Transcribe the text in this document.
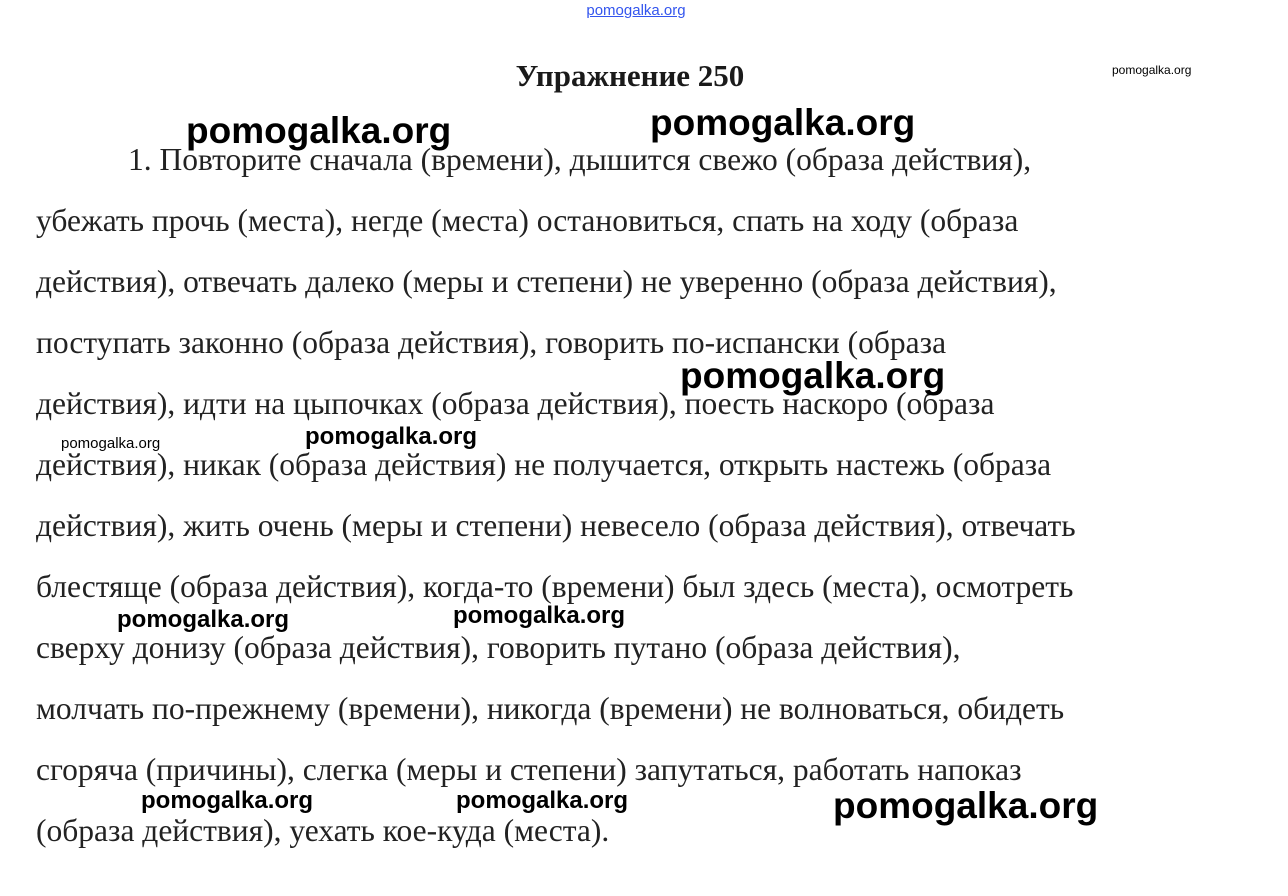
pomogalka.org
Упражнение 250
1. Повторите сначала (времени), дышится свежо (образа действия),
убежать прочь (места), негде (места) остановиться, спать на ходу (образа
действия), отвечать далеко (меры и степени) не уверенно (образа действия),
поступать законно (образа действия), говорить по-испански (образа
действия), идти на цыпочках (образа действия), поесть наскоро (образа
действия), никак (образа действия) не получается, открыть настежь (образа
действия), жить очень (меры и степени) невесело (образа действия), отвечать
блестяще (образа действия), когда-то (времени) был здесь (места), осмотреть
сверху донизу (образа действия), говорить путано (образа действия),
молчать по-прежнему (времени), никогда (времени) не волноваться, обидеть
сгоряча (причины), слегка (меры и степени) запутаться, работать напоказ
(образа действия), уехать кое-куда (места).
pomogalka.org
pomogalka.org	pomogalka.org
pomogalka.org
pomogalka.org	pomogalka.org
pomogalka.org	pomogalka.org
pomogalka.org	pomogalka.org	pomogalka.org
